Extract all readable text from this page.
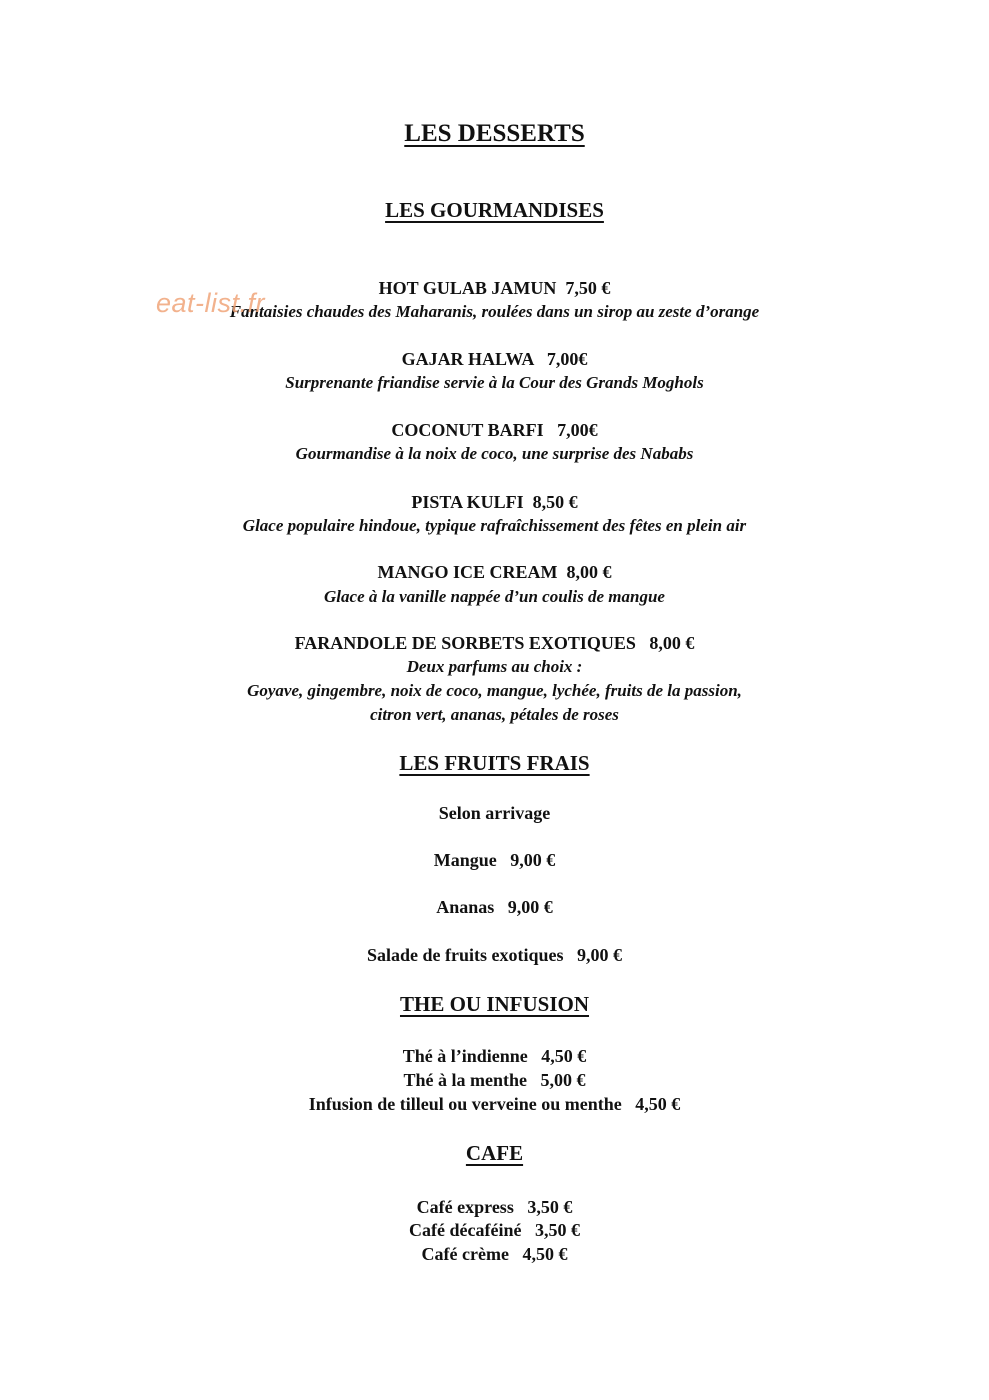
LES DESSERTS
LES GOURMANDISES
HOT GULAB JAMUN  7,50 €
Fantaisies chaudes des Maharanis, roulées dans un sirop au zeste d’orange
GAJAR HALWA   7,00€
Surprenante friandise servie à la Cour des Grands Moghols
COCONUT BARFI   7,00€
Gourmandise à la noix de coco, une surprise des Nababs
PISTA KULFI  8,50 €
Glace populaire hindoue, typique rafraîchissement des fêtes en plein air
MANGO ICE CREAM  8,00 €
Glace à la vanille nappée d’un coulis de mangue
FARANDOLE DE SORBETS EXOTIQUES   8,00 €
Deux parfums au choix :
Goyave, gingembre, noix de coco, mangue, lychée, fruits de la passion,
citron vert, ananas, pétales de roses
LES FRUITS FRAIS
Selon arrivage
Mangue   9,00 €
Ananas   9,00 €
Salade de fruits exotiques   9,00 €
THE OU INFUSION
Thé à l’indienne   4,50 €
Thé à la menthe   5,00 €
Infusion de tilleul ou verveine ou menthe   4,50 €
CAFE
Café express   3,50 €
Café décaféiné   3,50 €
Café crème   4,50 €
eat-list.fr
